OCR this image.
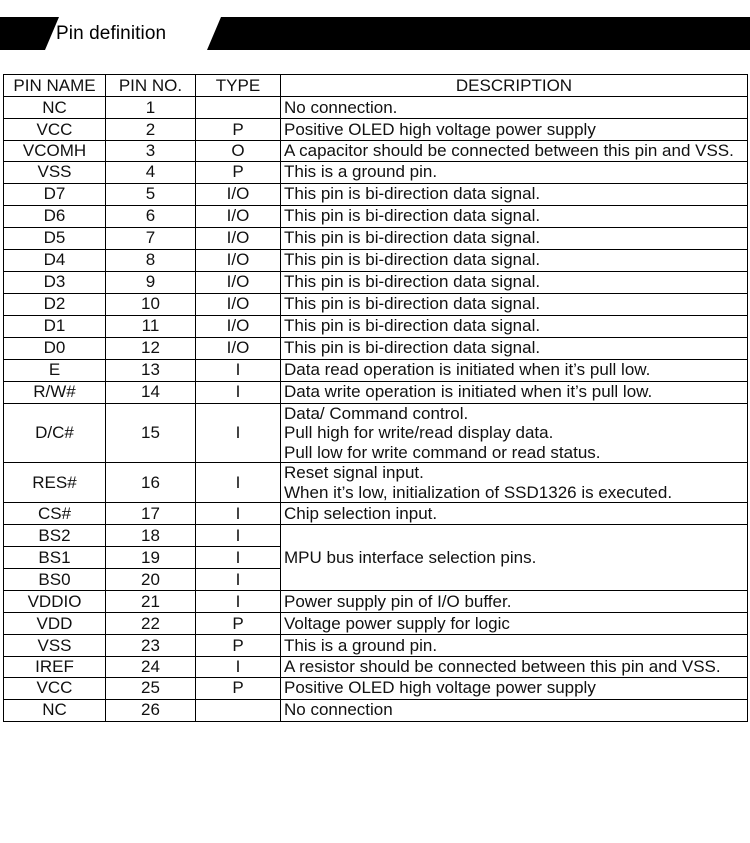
Pin definition
PIN NAME	PIN NO.	TYPE	DESCRIPTION
NC	1		No connection.

VCC	2	P	Positive OLED high voltage power supply

VCOMH	3	O	A capacitor should be connected between this pin and VSS.

VSS	4	P	This is a ground pin.

D7	5	I/O	This pin is bi-direction data signal.

D6	6	I/O	This pin is bi-direction data signal.

D5	7	I/O	This pin is bi-direction data signal.

D4	8	I/O	This pin is bi-direction data signal.

D3	9	I/O	This pin is bi-direction data signal.

D2	10	I/O	This pin is bi-direction data signal.

D1	11	I/O	This pin is bi-direction data signal.

D0	12	I/O	This pin is bi-direction data signal.

E	13	I	Data read operation is initiated when it’s pull low.

R/W#	14	I	Data write operation is initiated when it’s pull low.

D/C#	15	I	Data/ Command control.
Pull high for write/read display data.
Pull low for write command or read status.

RES#	16	I	Reset signal input.
When it’s low, initialization of SSD1326 is executed.

CS#	17	I	Chip selection input.

BS2	18	I	MPU bus interface selection pins.

BS1	19	I	
BS0	20	I	
VDDIO	21	I	Power supply pin of I/O buffer.

VDD	22	P	Voltage power supply for logic

VSS	23	P	This is a ground pin.

IREF	24	I	A resistor should be connected between this pin and VSS.

VCC	25	P	Positive OLED high voltage power supply

NC	26		No connection
